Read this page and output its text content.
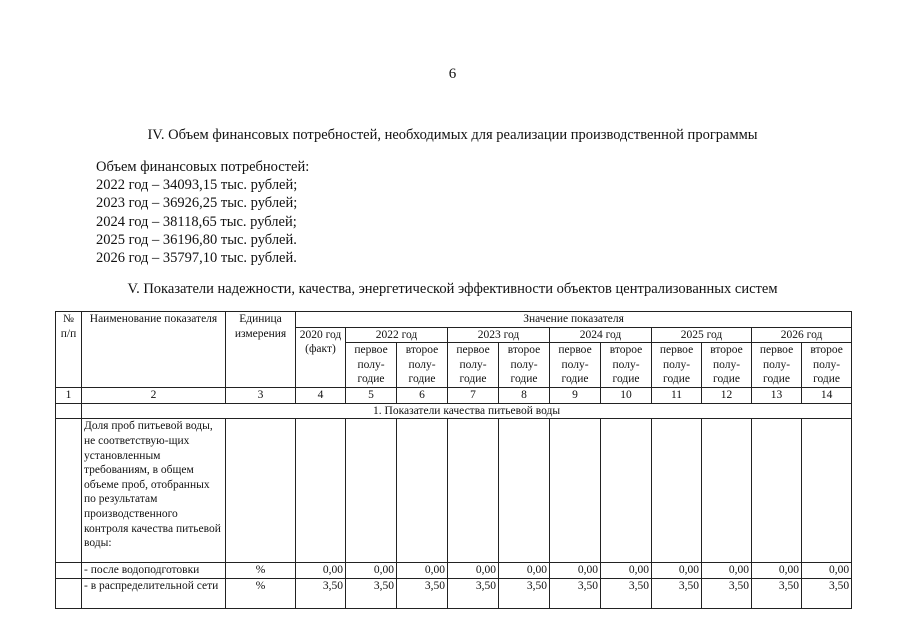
6
IV. Объем финансовых потребностей, необходимых для реализации производственной программы
Объем финансовых потребностей:
2022 год – 34093,15 тыс. рублей;
2023 год – 36926,25 тыс. рублей;
2024 год – 38118,65 тыс. рублей;
2025 год – 36196,80 тыс. рублей.
2026 год – 35797,10 тыс. рублей.
V. Показатели надежности, качества, энергетической эффективности объектов централизованных систем
№ п/п	Наименование показателя	Единица измерения	Значение показателя										
			2020 год (факт)	2022 год		2023 год		2024 год		2025 год		2026 год	
				первое полу-годие	второе полу-годие	первое полу-годие	второе полу-годие	первое полу-годие	второе полу-годие	первое полу-годие	второе полу-годие	первое полу-годие	второе полу-годие
1	2	3	4	5	6	7	8	9	10	11	12	13	14
	1. Показатели качества питьевой воды												
	Доля проб питьевой воды, не соответствую-щих установленным требованиям, в общем объеме проб, отобранных по результатам производственного контроля качества питьевой воды:												
	- после водоподготовки	%	0,00	0,00	0,00	0,00	0,00	0,00	0,00	0,00	0,00	0,00	0,00
	- в распределительной сети	%	3,50	3,50	3,50	3,50	3,50	3,50	3,50	3,50	3,50	3,50	3,50
